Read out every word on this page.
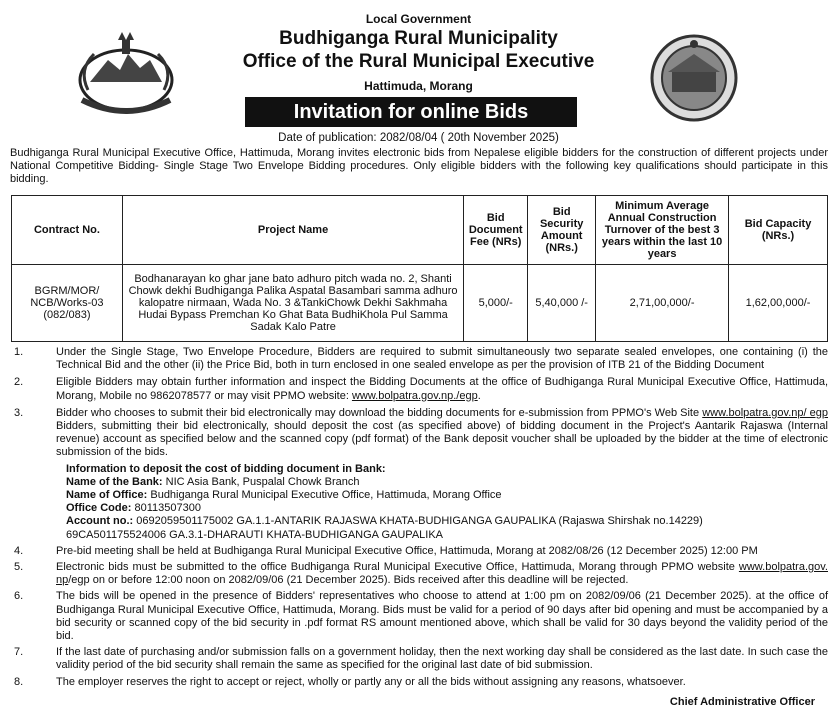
Local Government
Budhiganga Rural Municipality
Office of the Rural Municipal Executive
Hattimuda, Morang
Invitation for online Bids
Date of publication: 2082/08/04 ( 20th November 2025)
Budhiganga Rural Municipal Executive Office, Hattimuda, Morang invites electronic bids from Nepalese eligible bidders for the construction of different projects under National Competitive Bidding- Single Stage Two Envelope Bidding procedures. Only eligible bidders with the following key qualifications should participate in this bidding.
Contract No.	Project Name	Bid Document Fee (NRs)	Bid Security Amount (NRs.)	Minimum Average Annual Construction Turnover of the best 3 years within the last 10 years	Bid Capacity (NRs.)
BGRM/MOR/ NCB/Works-03 (082/083)	Bodhanarayan ko ghar jane bato adhuro pitch wada no. 2, Shanti Chowk dekhi Budhiganga Palika Aspatal Basambari samma adhuro kalopatre nirmaan, Wada No. 3 &TankiChowk Dekhi Sakhmaha Hudai Bypass Premchan Ko Ghat Bata BudhiKhola Pul Samma Sadak Kalo Patre	5,000/-	5,40,000 /-	2,71,00,000/-	1,62,00,000/-
1.	Under the Single Stage, Two Envelope Procedure, Bidders are required to submit simultaneously two separate sealed envelopes, one containing (i) the Technical Bid and the other (ii) the Price Bid, both in turn enclosed in one sealed envelope as per the provision of ITB 21 of the Bidding Document
2.	Eligible Bidders may obtain further information and inspect the Bidding Documents at the office of Budhiganga Rural Municipal Executive Office, Hattimuda, Morang, Mobile no 9862078577 or may visit PPMO website: www.bolpatra.gov.np./egp.
3.	Bidder who chooses to submit their bid electronically may download the bidding documents for e-submission from PPMO's Web Site www.bolpatra.gov.np/ egp Bidders, submitting their bid electronically, should deposit the cost (as specified above) of bidding document in the Project's Aantarik Rajaswa (Internal revenue) account as specified below and the scanned copy (pdf format) of the Bank deposit voucher shall be uploaded by the bidder at the time of electronic submission of the bids.
Information to deposit the cost of bidding document in Bank:
Name of the Bank: NIC Asia Bank, Puspalal Chowk Branch
Name of Office: Budhiganga Rural Municipal Executive Office, Hattimuda, Morang Office
Office Code: 80113507300
Account no.: 0692059501175002 GA.1.1-ANTARIK RAJASWA KHATA-BUDHIGANGA GAUPALIKA (Rajaswa Shirshak no.14229)
69CA501175524006 GA.3.1-DHARAUTI KHATA-BUDHIGANGA GAUPALIKA
4.	Pre-bid meeting shall be held at Budhiganga Rural Municipal Executive Office, Hattimuda, Morang at 2082/08/26 (12 December 2025) 12:00 PM
5.	Electronic bids must be submitted to the office Budhiganga Rural Municipal Executive Office, Hattimuda, Morang through PPMO website www.bolpatra.gov. np/egp on or before 12:00 noon on 2082/09/06 (21 December 2025). Bids received after this deadline will be rejected.
6.	The bids will be opened in the presence of Bidders' representatives who choose to attend at 1:00 pm on 2082/09/06 (21 December 2025). at the office of Budhiganga Rural Municipal Executive Office, Hattimuda, Morang. Bids must be valid for a period of 90 days after bid opening and must be accompanied by a bid security or scanned copy of the bid security in .pdf format RS amount mentioned above, which shall be valid for 30 days beyond the validity period of the bid.
7.	If the last date of purchasing and/or submission falls on a government holiday, then the next working day shall be considered as the last date. In such case the validity period of the bid security shall remain the same as specified for the original last date of bid submission.
8.	The employer reserves the right to accept or reject, wholly or partly any or all the bids without assigning any reasons, whatsoever.
Chief Administrative Officer
